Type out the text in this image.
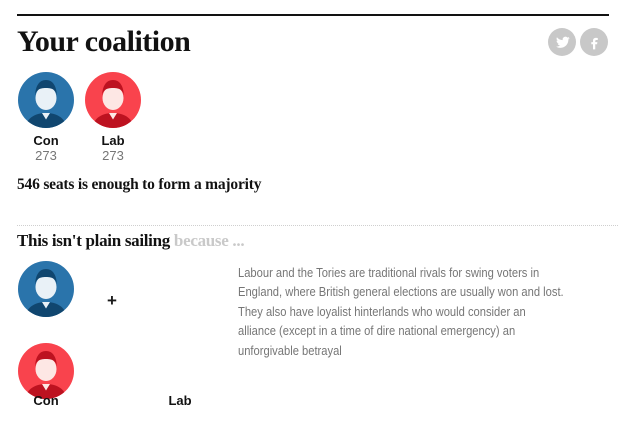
Your coalition
Con
273
Lab
273

546 seats is enough to form a majority

This isn't plain sailing because ...
+
Con	Lab
Labour and the Tories are traditional rivals for swing voters in
England, where British general elections are usually won and lost.
They also have loyalist hinterlands who would consider an
alliance (except in a time of dire national emergency) an
unforgivable betrayal
